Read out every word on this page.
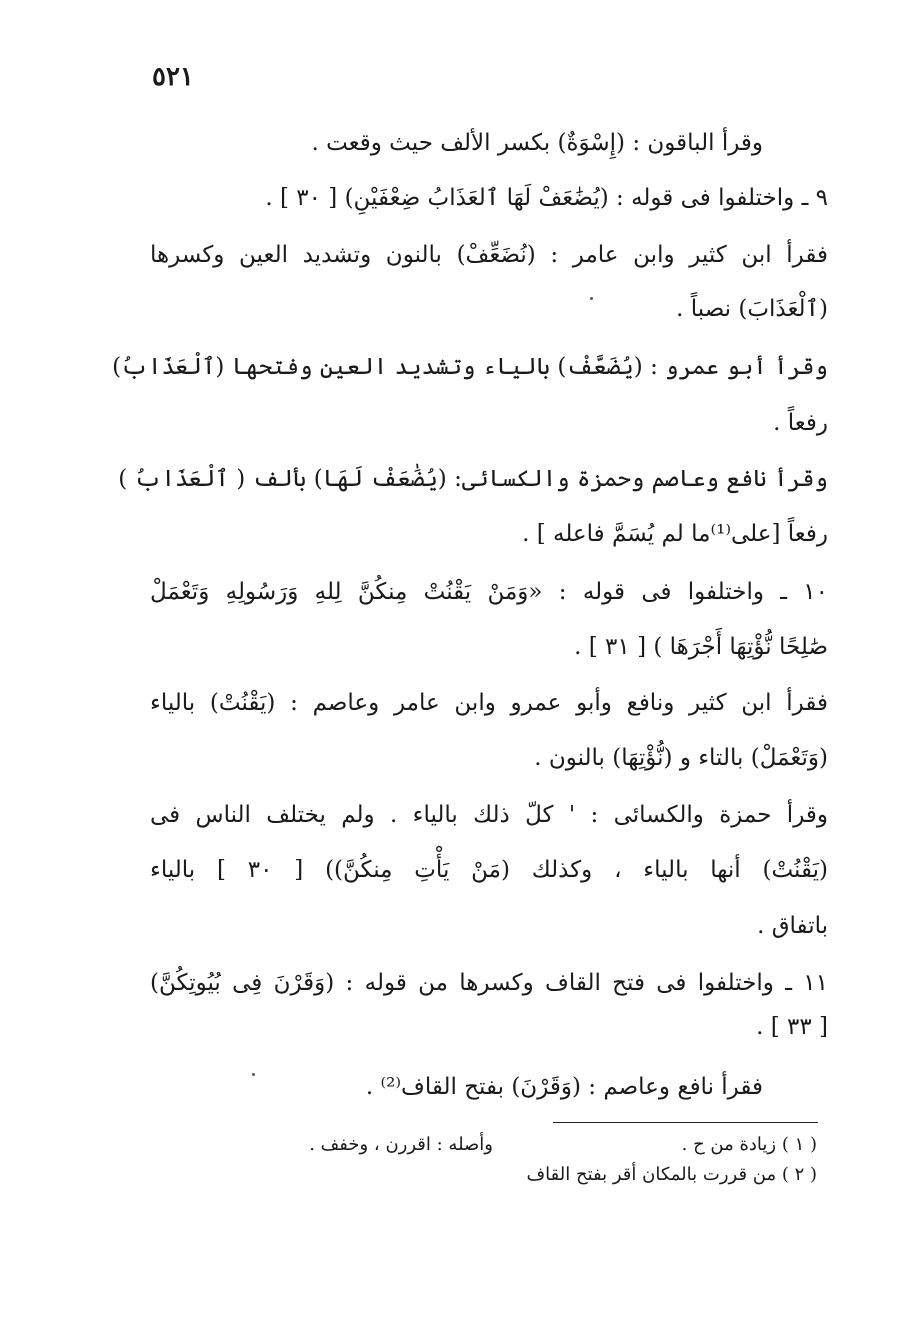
٥٢١
وقرأ الباقون : (إِسْوَةٌ) بكسر الألف حيث وقعت .
٩ ـ واختلفوا فى قوله : (يُضَٰعَفْ لَهَا ٱلعَذَابُ ضِعْفَيْنِ) [ ٣٠ ] .
فقرأ ابن كثير وابن عامر : (نُضَعِّفْ) بالنون وتشديد العين وكسرها
(ٱلْعَذَابَ) نصباً .
وقرأ أبو عمرو : (يُضَعَّفْ) بالياء وتشديد العين وفتحها (ٱلْعَذَابُ)
رفعاً .
وقرأ نافع وعاصم وحمزة والكسائى: (يُضَٰعَفْ لَهَا) بألف ( ٱلْعَذَابُ )
رفعاً [على⁽¹⁾ما لم يُسَمَّ فاعله ] .
١٠ ـ واختلفوا فى قوله : «وَمَنْ يَقْنُتْ مِنكُنَّ لِلهِ وَرَسُولِهِ وَتَعْمَلْ
صَٰلِحًا نُّؤْتِهَا أَجْرَهَا ) [ ٣١ ] .
فقرأ ابن كثير ونافع وأبو عمرو وابن عامر وعاصم : (يَقْنُتْ) بالياء
(وَتَعْمَلْ) بالتاء و (نُّؤْتِهَا) بالنون .
وقرأ حمزة والكسائى : ' كلّ ذلك بالياء . ولم يختلف الناس فى
(يَقْنُتْ) أنها بالياء ، وكذلك (مَنْ يَأْتِ مِنكُنَّ)) [ ٣٠ ] بالياء
باتفاق .
١١ ـ واختلفوا فى فتح القاف وكسرها من قوله : (وَقَرْنَ فِى بُيُوتِكُنَّ)
[ ٣٣ ] .
فقرأ نافع وعاصم : (وَقَرْنَ) بفتح القاف⁽²⁾ .
( ١ ) زيادة من ح .
وأصله : اقررن ، وخفف .
( ٢ ) من قررت بالمكان أقر بفتح القاف
